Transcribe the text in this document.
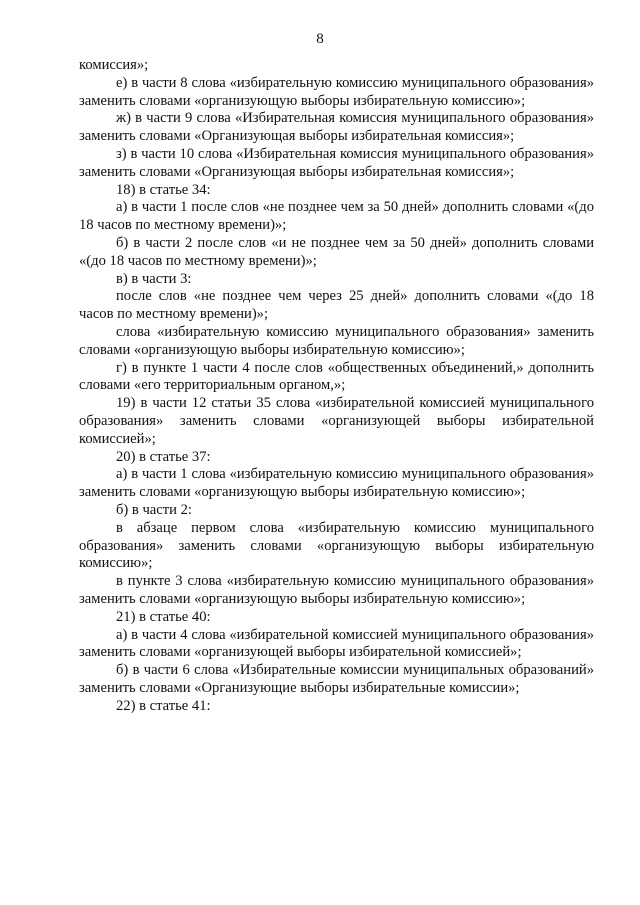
8

комиссия»;

е) в части 8 слова «избирательную комиссию муниципального образования» заменить словами «организующую выборы избирательную комиссию»;

ж) в части 9 слова «Избирательная комиссия муниципального образования» заменить словами «Организующая выборы избирательная комиссия»;

з) в части 10 слова «Избирательная комиссия муниципального образования» заменить словами «Организующая выборы избирательная комиссия»;

18) в статье 34:

а) в части 1 после слов «не позднее чем за 50 дней» дополнить словами «(до 18 часов по местному времени)»;

б) в части 2 после слов «и не позднее чем за 50 дней» дополнить словами «(до 18 часов по местному времени)»;

в) в части 3:

после слов «не позднее чем через 25 дней» дополнить словами «(до 18 часов по местному времени)»;

слова «избирательную комиссию муниципального образования» заменить словами «организующую выборы избирательную комиссию»;

г) в пункте 1 части 4 после слов «общественных объединений,» дополнить словами «его территориальным органом,»;

19) в части 12 статьи 35 слова «избирательной комиссией муниципального образования» заменить словами «организующей выборы избирательной комиссией»;

20) в статье 37:

а) в части 1 слова «избирательную комиссию муниципального образования» заменить словами «организующую выборы избирательную комиссию»;

б) в части 2:

в абзаце первом слова «избирательную комиссию муниципального образования» заменить словами «организующую выборы избирательную комиссию»;

в пункте 3 слова «избирательную комиссию муниципального образования» заменить словами «организующую выборы избирательную комиссию»;

21) в статье 40:

а) в части 4 слова «избирательной комиссией муниципального образования» заменить словами «организующей выборы избирательной комиссией»;

б) в части 6 слова «Избирательные комиссии муниципальных образований» заменить словами «Организующие выборы избирательные комиссии»;

22) в статье 41:
